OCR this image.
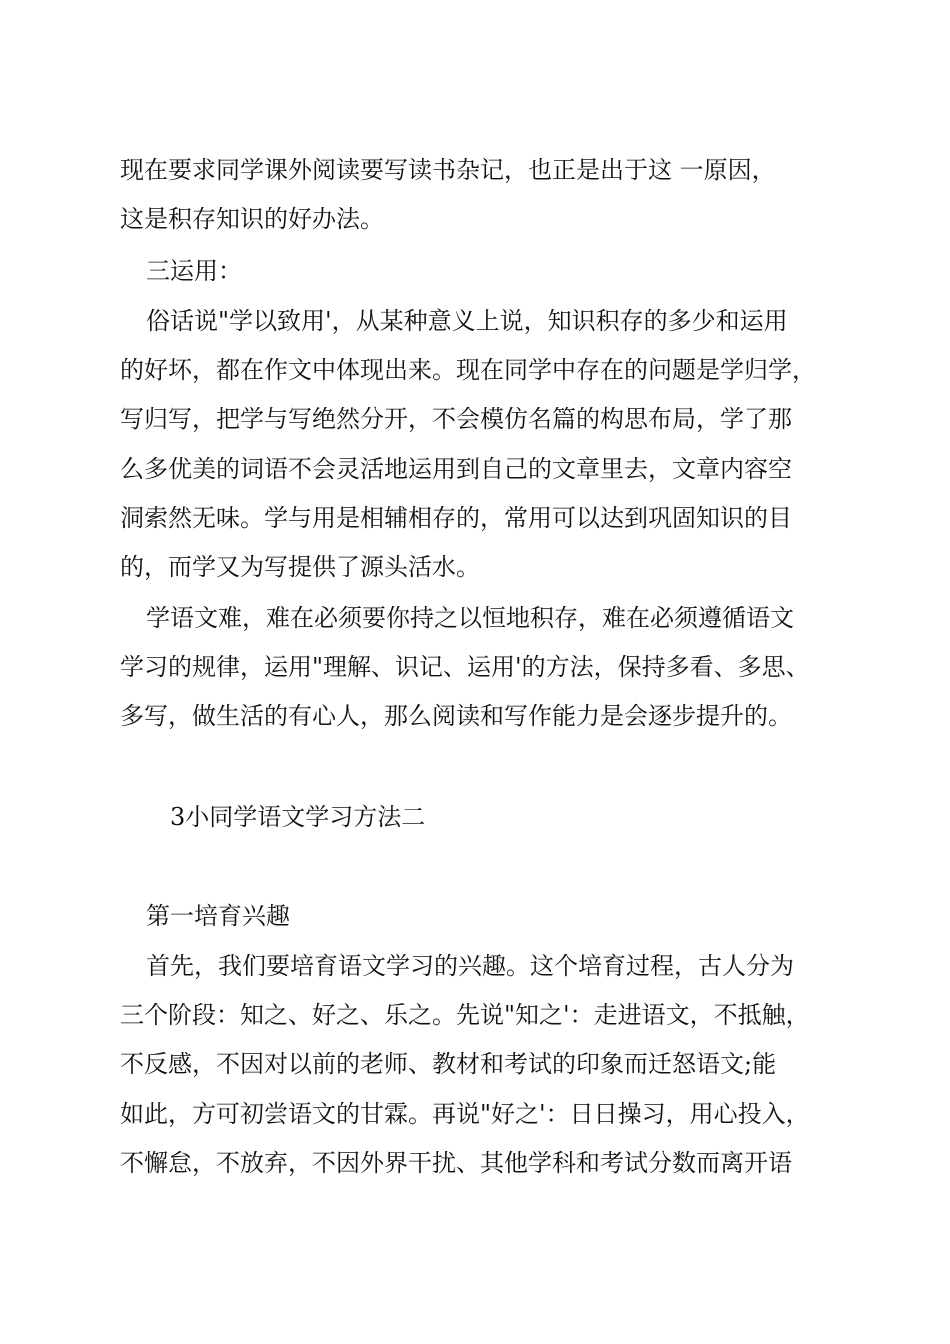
现在要求同学课外阅读要写读书杂记，也正是出于这 一原因，

这是积存知识的好办法。

三运用：

俗话说"学以致用'，从某种意义上说，知识积存的多少和运用

的好坏，都在作文中体现出来。现在同学中存在的问题是学归学，

写归写，把学与写绝然分开，不会模仿名篇的构思布局，学了那

么多优美的词语不会灵活地运用到自己的文章里去，文章内容空

洞索然无味。学与用是相辅相存的，常用可以达到巩固知识的目

的，而学又为写提供了源头活水。

学语文难，难在必须要你持之以恒地积存，难在必须遵循语文

学习的规律，运用"理解、识记、运用'的方法，保持多看、多思、

多写，做生活的有心人，那么阅读和写作能力是会逐步提升的。

3小同学语文学习方法二

第一培育兴趣

首先，我们要培育语文学习的兴趣。这个培育过程，古人分为

三个阶段：知之、好之、乐之。先说"知之'：走进语文，不抵触，

不反感，不因对以前的老师、教材和考试的印象而迁怒语文;能

如此，方可初尝语文的甘霖。再说"好之'：日日操习，用心投入，

不懈怠，不放弃，不因外界干扰、其他学科和考试分数而离开语
